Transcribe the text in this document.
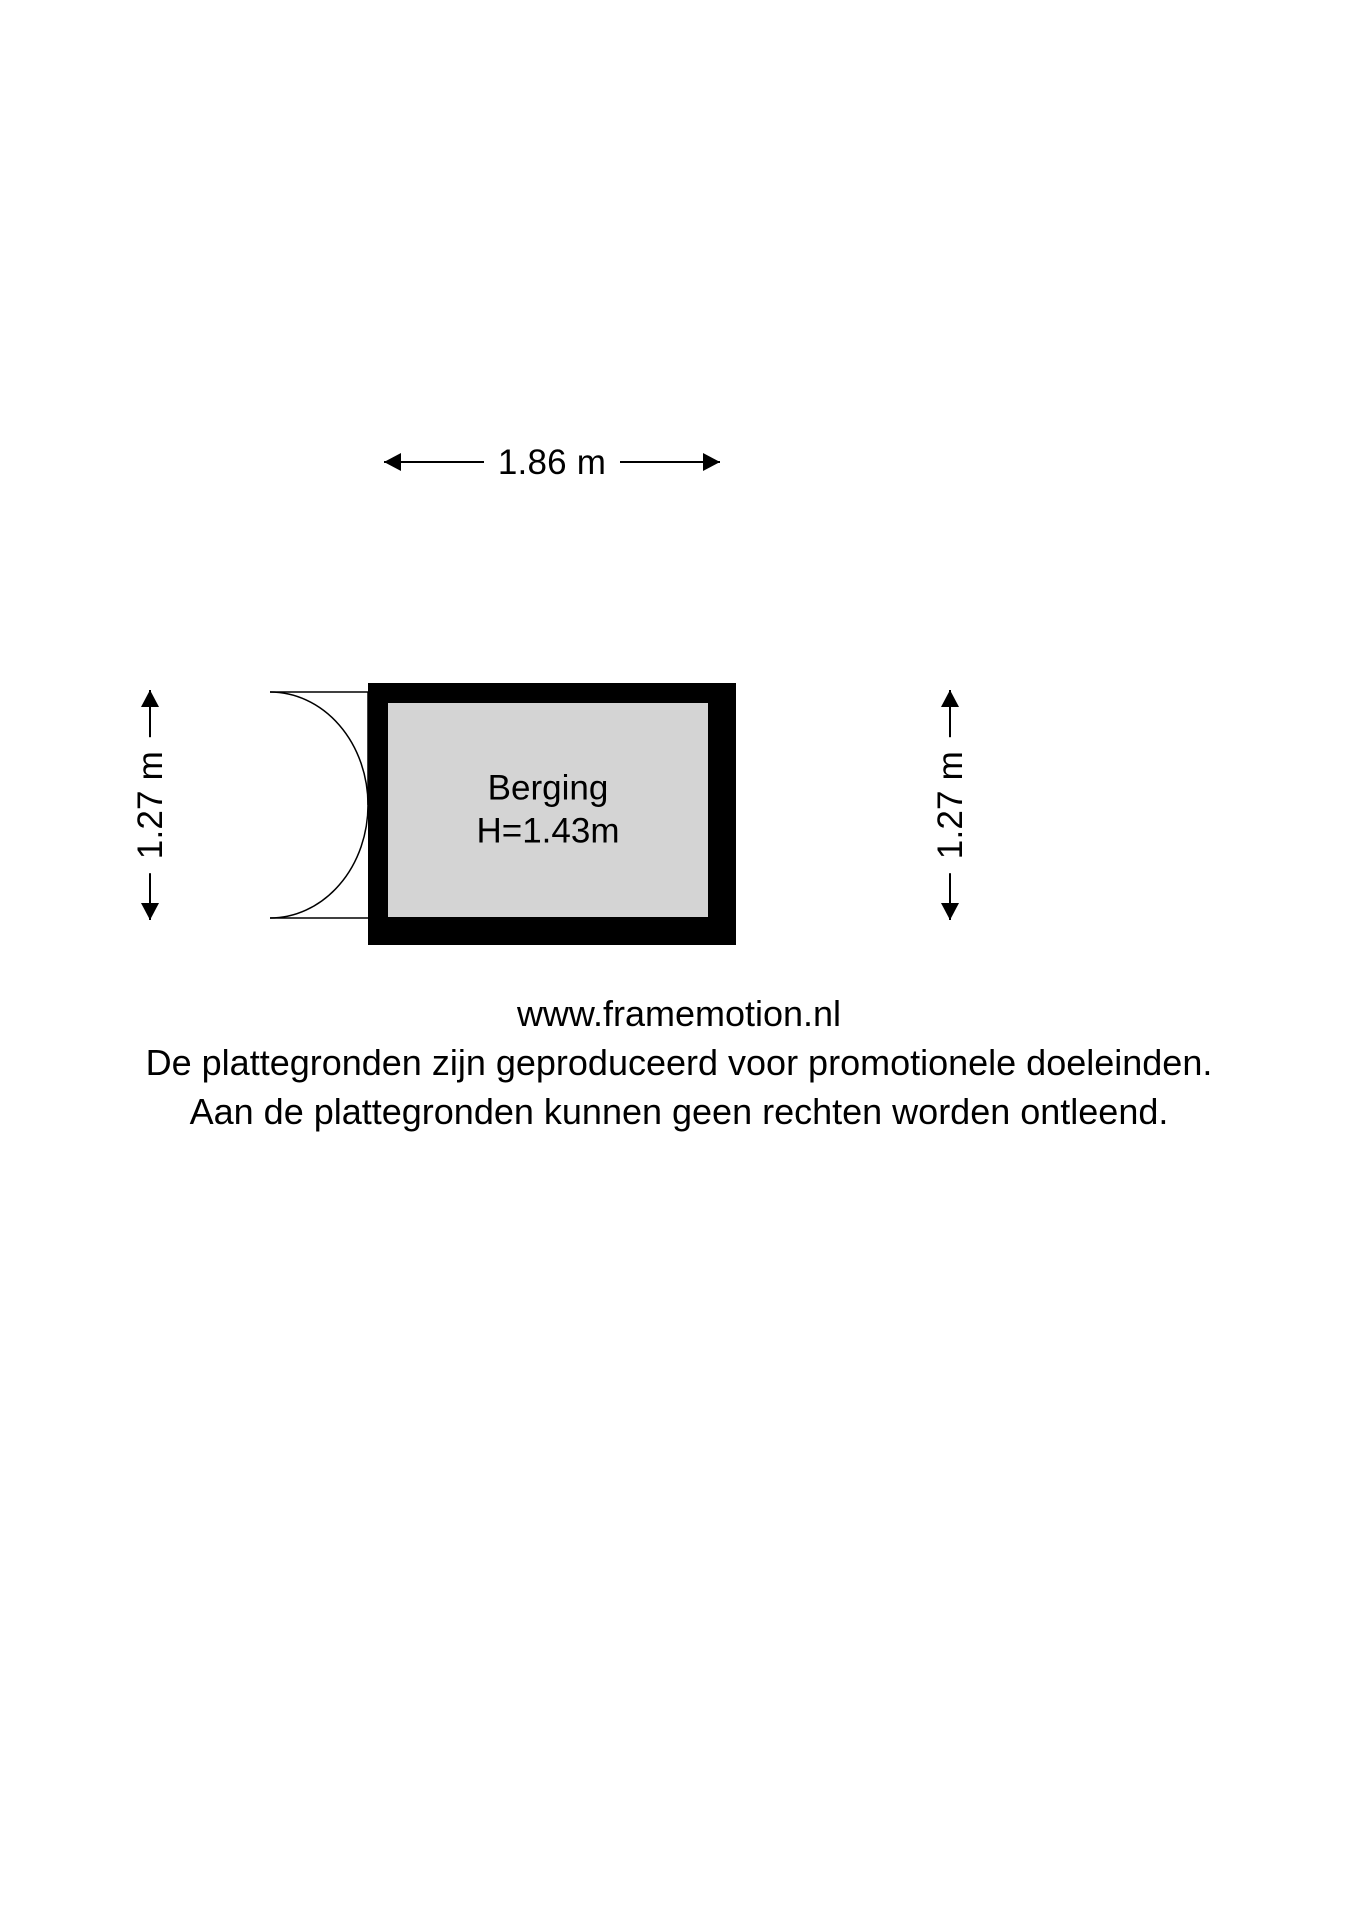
1.86 m
1.27 m	1.27 m
Berging
H=1.43m
www.framemotion.nl
De plattegronden zijn geproduceerd voor promotionele doeleinden.
Aan de plattegronden kunnen geen rechten worden ontleend.
